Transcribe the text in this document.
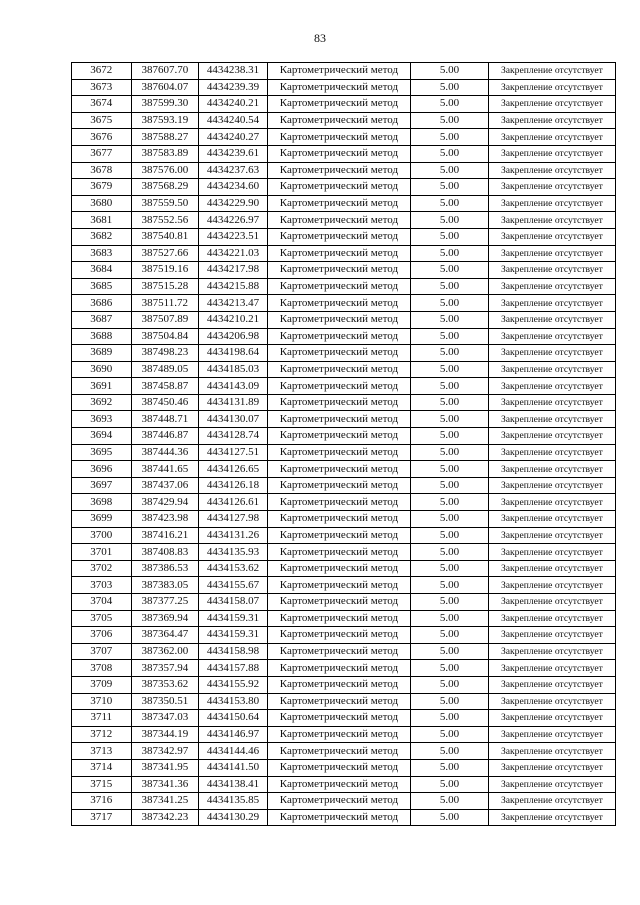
83
3672	387607.70	4434238.31	Картометрический метод	5.00	Закрепление отсутствует
3673	387604.07	4434239.39	Картометрический метод	5.00	Закрепление отсутствует
3674	387599.30	4434240.21	Картометрический метод	5.00	Закрепление отсутствует
3675	387593.19	4434240.54	Картометрический метод	5.00	Закрепление отсутствует
3676	387588.27	4434240.27	Картометрический метод	5.00	Закрепление отсутствует
3677	387583.89	4434239.61	Картометрический метод	5.00	Закрепление отсутствует
3678	387576.00	4434237.63	Картометрический метод	5.00	Закрепление отсутствует
3679	387568.29	4434234.60	Картометрический метод	5.00	Закрепление отсутствует
3680	387559.50	4434229.90	Картометрический метод	5.00	Закрепление отсутствует
3681	387552.56	4434226.97	Картометрический метод	5.00	Закрепление отсутствует
3682	387540.81	4434223.51	Картометрический метод	5.00	Закрепление отсутствует
3683	387527.66	4434221.03	Картометрический метод	5.00	Закрепление отсутствует
3684	387519.16	4434217.98	Картометрический метод	5.00	Закрепление отсутствует
3685	387515.28	4434215.88	Картометрический метод	5.00	Закрепление отсутствует
3686	387511.72	4434213.47	Картометрический метод	5.00	Закрепление отсутствует
3687	387507.89	4434210.21	Картометрический метод	5.00	Закрепление отсутствует
3688	387504.84	4434206.98	Картометрический метод	5.00	Закрепление отсутствует
3689	387498.23	4434198.64	Картометрический метод	5.00	Закрепление отсутствует
3690	387489.05	4434185.03	Картометрический метод	5.00	Закрепление отсутствует
3691	387458.87	4434143.09	Картометрический метод	5.00	Закрепление отсутствует
3692	387450.46	4434131.89	Картометрический метод	5.00	Закрепление отсутствует
3693	387448.71	4434130.07	Картометрический метод	5.00	Закрепление отсутствует
3694	387446.87	4434128.74	Картометрический метод	5.00	Закрепление отсутствует
3695	387444.36	4434127.51	Картометрический метод	5.00	Закрепление отсутствует
3696	387441.65	4434126.65	Картометрический метод	5.00	Закрепление отсутствует
3697	387437.06	4434126.18	Картометрический метод	5.00	Закрепление отсутствует
3698	387429.94	4434126.61	Картометрический метод	5.00	Закрепление отсутствует
3699	387423.98	4434127.98	Картометрический метод	5.00	Закрепление отсутствует
3700	387416.21	4434131.26	Картометрический метод	5.00	Закрепление отсутствует
3701	387408.83	4434135.93	Картометрический метод	5.00	Закрепление отсутствует
3702	387386.53	4434153.62	Картометрический метод	5.00	Закрепление отсутствует
3703	387383.05	4434155.67	Картометрический метод	5.00	Закрепление отсутствует
3704	387377.25	4434158.07	Картометрический метод	5.00	Закрепление отсутствует
3705	387369.94	4434159.31	Картометрический метод	5.00	Закрепление отсутствует
3706	387364.47	4434159.31	Картометрический метод	5.00	Закрепление отсутствует
3707	387362.00	4434158.98	Картометрический метод	5.00	Закрепление отсутствует
3708	387357.94	4434157.88	Картометрический метод	5.00	Закрепление отсутствует
3709	387353.62	4434155.92	Картометрический метод	5.00	Закрепление отсутствует
3710	387350.51	4434153.80	Картометрический метод	5.00	Закрепление отсутствует
3711	387347.03	4434150.64	Картометрический метод	5.00	Закрепление отсутствует
3712	387344.19	4434146.97	Картометрический метод	5.00	Закрепление отсутствует
3713	387342.97	4434144.46	Картометрический метод	5.00	Закрепление отсутствует
3714	387341.95	4434141.50	Картометрический метод	5.00	Закрепление отсутствует
3715	387341.36	4434138.41	Картометрический метод	5.00	Закрепление отсутствует
3716	387341.25	4434135.85	Картометрический метод	5.00	Закрепление отсутствует
3717	387342.23	4434130.29	Картометрический метод	5.00	Закрепление отсутствует
